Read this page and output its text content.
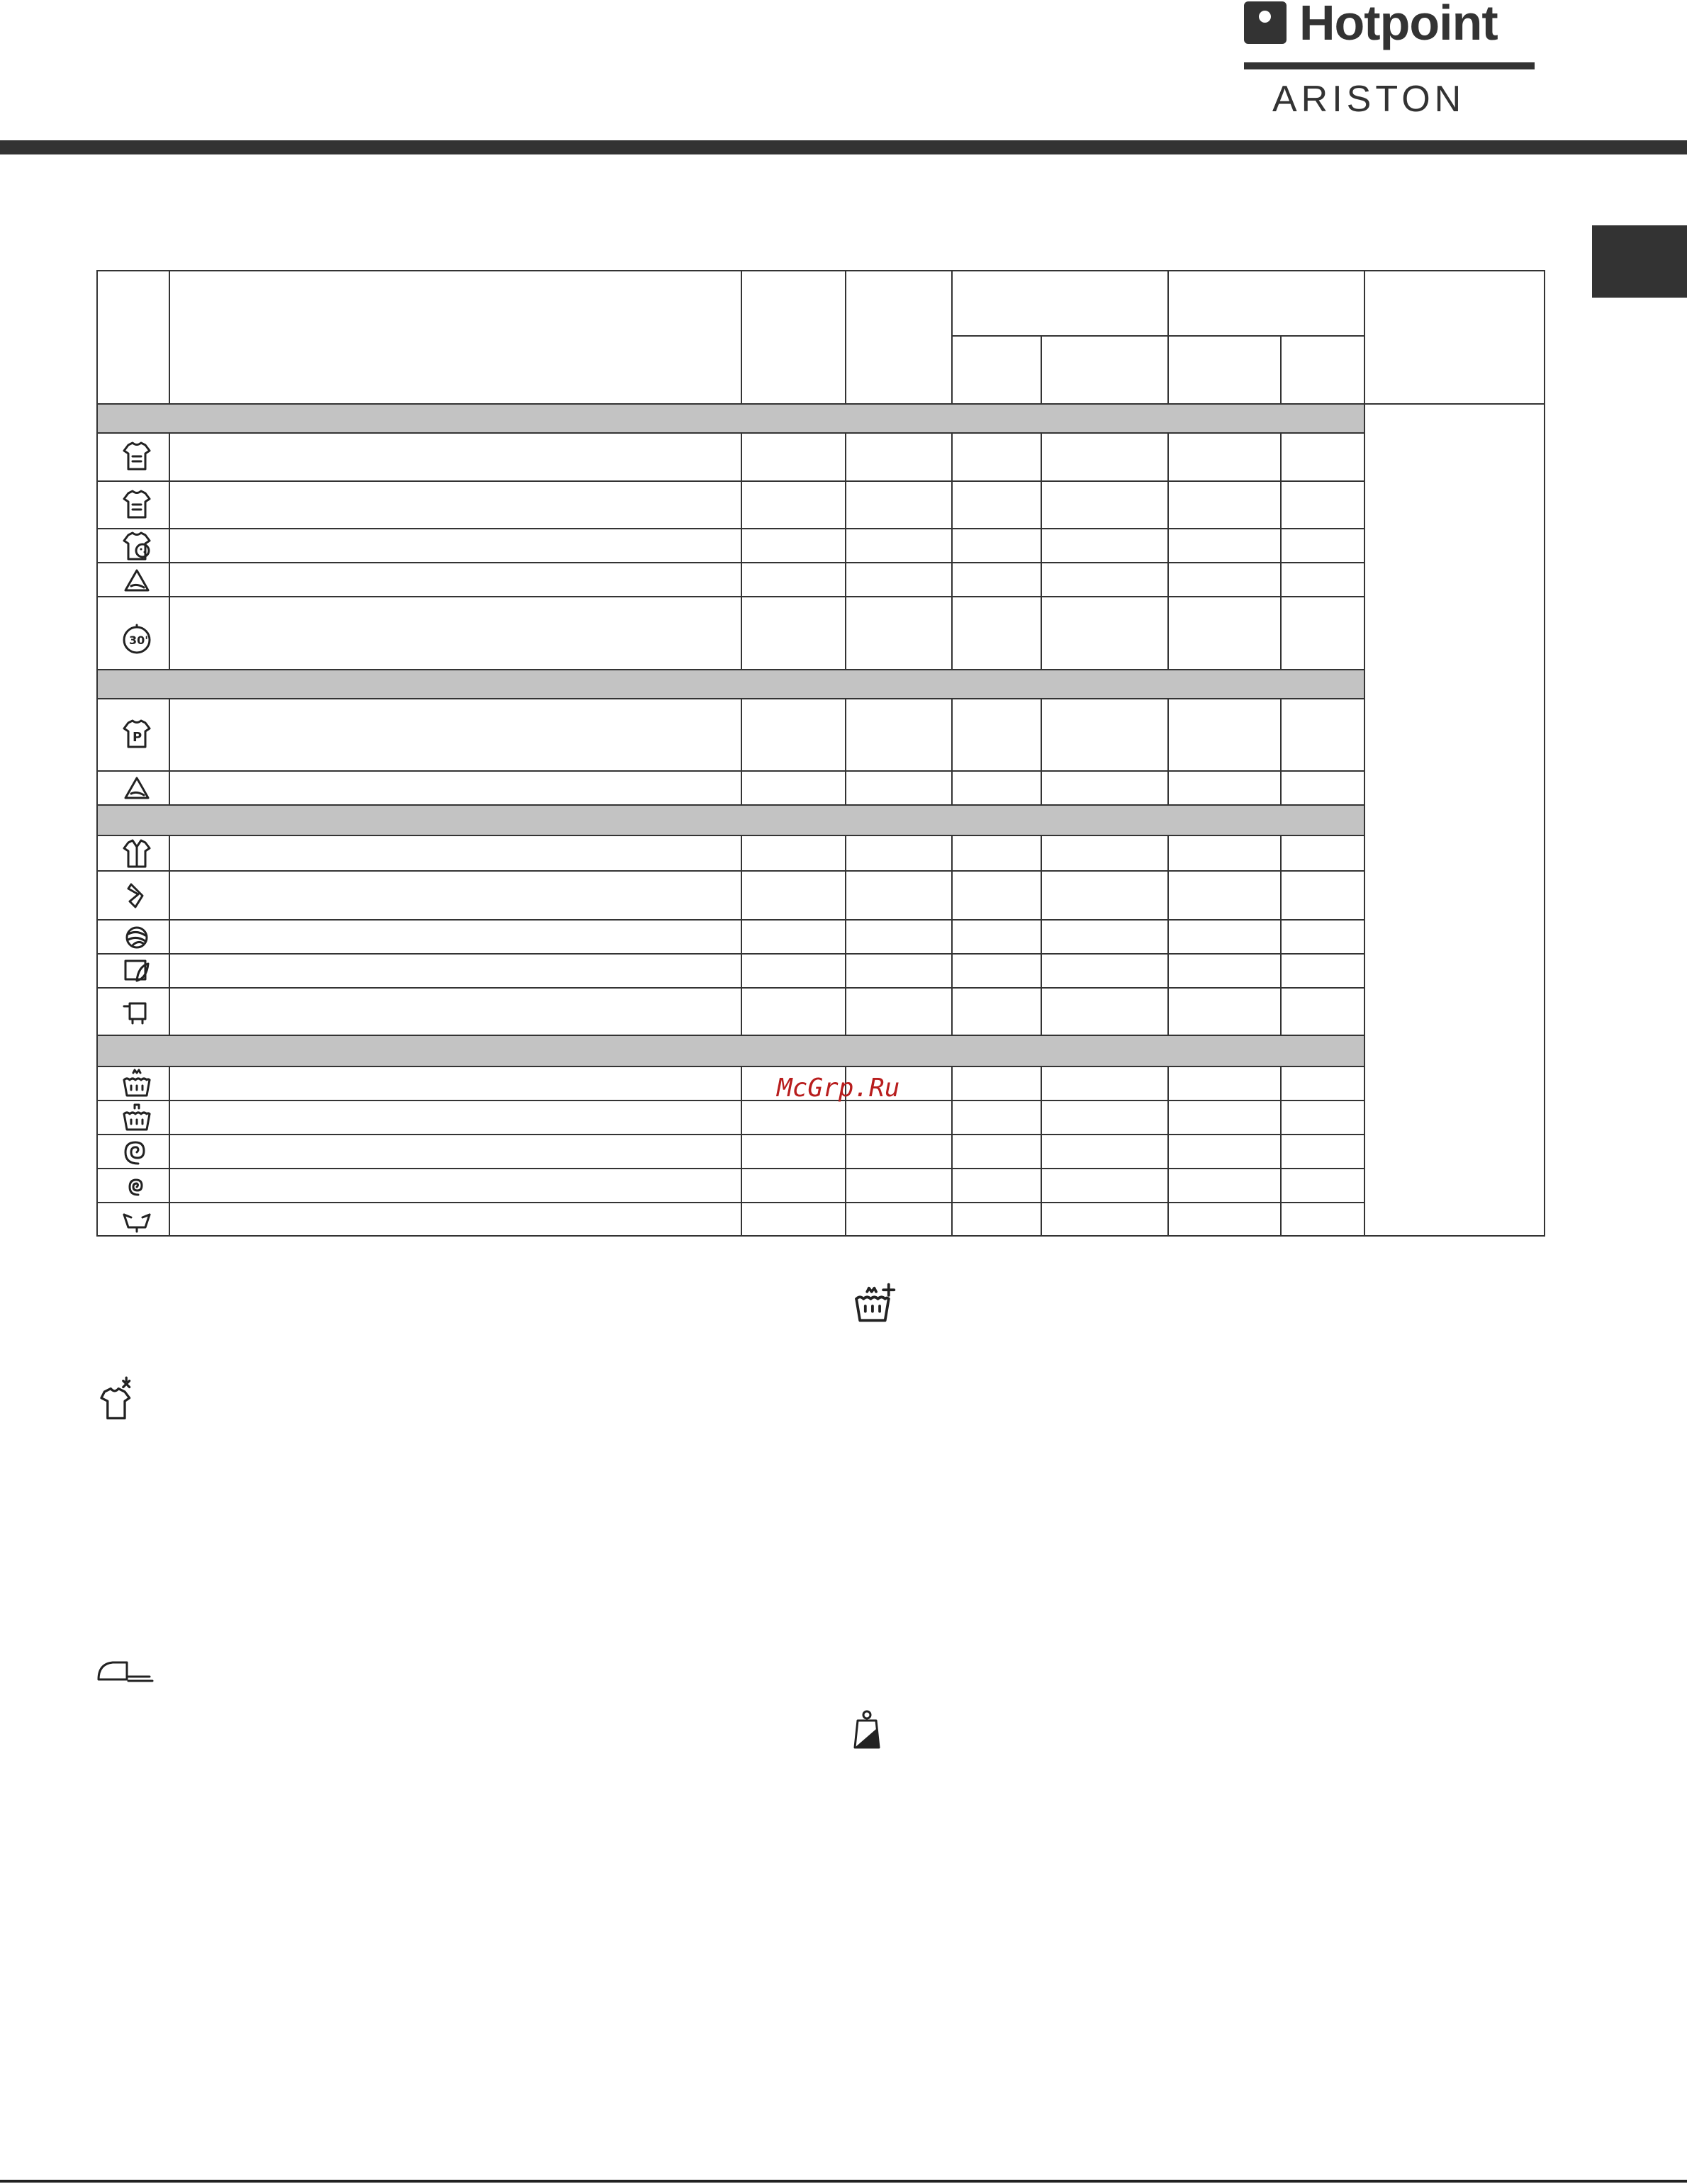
Hotpoint
ARISTON
30'
P
McGrp.Ru
